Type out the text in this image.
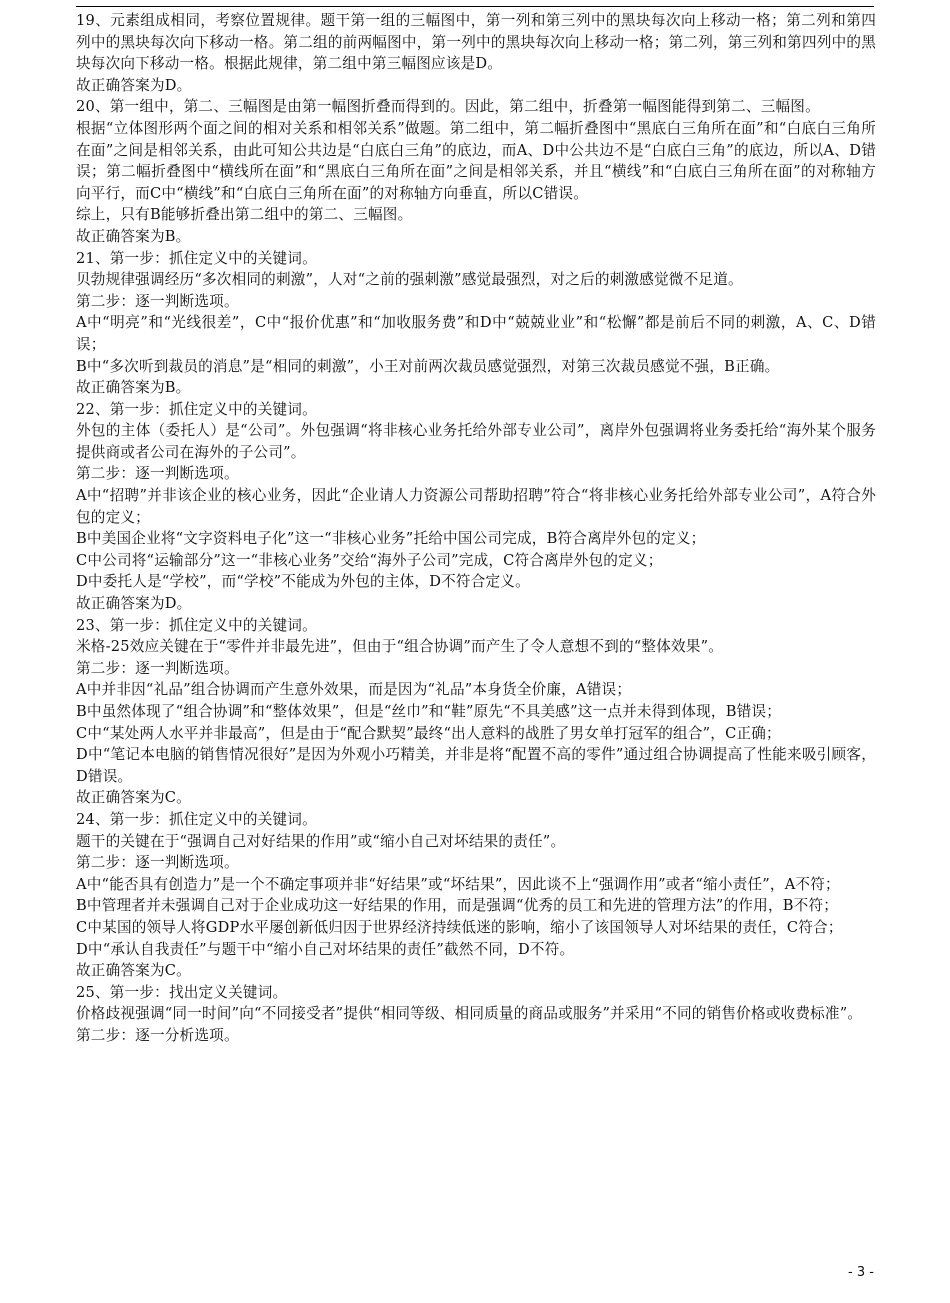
19、元素组成相同，考察位置规律。题干第一组的三幅图中，第一列和第三列中的黑块每次向上移动一格；第二列和第四列中的黑块每次向下移动一格。第二组的前两幅图中，第一列中的黑块每次向上移动一格；第二列，第三列和第四列中的黑块每次向下移动一格。根据此规律，第二组中第三幅图应该是D。

故正确答案为D。

20、第一组中，第二、三幅图是由第一幅图折叠而得到的。因此，第二组中，折叠第一幅图能得到第二、三幅图。

根据“立体图形两个面之间的相对关系和相邻关系”做题。第二组中，第二幅折叠图中“黑底白三角所在面”和“白底白三角所在面”之间是相邻关系，由此可知公共边是“白底白三角”的底边，而A、D中公共边不是“白底白三角”的底边，所以A、D错误；第二幅折叠图中“横线所在面”和“黑底白三角所在面”之间是相邻关系，并且“横线”和“白底白三角所在面”的对称轴方向平行，而C中“横线”和“白底白三角所在面”的对称轴方向垂直，所以C错误。

综上，只有B能够折叠出第二组中的第二、三幅图。

故正确答案为B。

21、第一步：抓住定义中的关键词。

贝勃规律强调经历“多次相同的刺激”，人对“之前的强刺激”感觉最强烈，对之后的刺激感觉微不足道。

第二步：逐一判断选项。

A中“明亮”和“光线很差”，C中“报价优惠”和“加收服务费”和D中“兢兢业业”和“松懈”都是前后不同的刺激，A、C、D错误；

B中“多次听到裁员的消息”是“相同的刺激”，小王对前两次裁员感觉强烈，对第三次裁员感觉不强，B正确。

故正确答案为B。

22、第一步：抓住定义中的关键词。

外包的主体（委托人）是“公司”。外包强调“将非核心业务托给外部专业公司”，离岸外包强调将业务委托给“海外某个服务提供商或者公司在海外的子公司”。

第二步：逐一判断选项。

A中“招聘”并非该企业的核心业务，因此“企业请人力资源公司帮助招聘”符合“将非核心业务托给外部专业公司”，A符合外包的定义；

B中美国企业将“文字资料电子化”这一“非核心业务”托给中国公司完成，B符合离岸外包的定义；

C中公司将“运输部分”这一“非核心业务”交给“海外子公司”完成，C符合离岸外包的定义；

D中委托人是“学校”，而“学校”不能成为外包的主体，D不符合定义。

故正确答案为D。

23、第一步：抓住定义中的关键词。

米格-25效应关键在于“零件并非最先进”，但由于“组合协调”而产生了令人意想不到的“整体效果”。

第二步：逐一判断选项。

A中并非因“礼品”组合协调而产生意外效果，而是因为“礼品”本身货全价廉，A错误；

B中虽然体现了“组合协调”和“整体效果”，但是“丝巾”和“鞋”原先“不具美感”这一点并未得到体现，B错误；

C中“某处两人水平并非最高”，但是由于“配合默契”最终“出人意料的战胜了男女单打冠军的组合”，C正确；

D中“笔记本电脑的销售情况很好”是因为外观小巧精美，并非是将“配置不高的零件”通过组合协调提高了性能来吸引顾客，D错误。

故正确答案为C。

24、第一步：抓住定义中的关键词。

题干的关键在于“强调自己对好结果的作用”或“缩小自己对坏结果的责任”。

第二步：逐一判断选项。

A中“能否具有创造力”是一个不确定事项并非“好结果”或“坏结果”，因此谈不上“强调作用”或者“缩小责任”，A不符；

B中管理者并未强调自己对于企业成功这一好结果的作用，而是强调“优秀的员工和先进的管理方法”的作用，B不符；

C中某国的领导人将GDP水平屡创新低归因于世界经济持续低迷的影响，缩小了该国领导人对坏结果的责任，C符合；

D中“承认自我责任”与题干中“缩小自己对坏结果的责任”截然不同，D不符。

故正确答案为C。

25、第一步：找出定义关键词。

价格歧视强调“同一时间”向“不同接受者”提供“相同等级、相同质量的商品或服务”并采用“不同的销售价格或收费标准”。

第二步：逐一分析选项。

- 3 -
